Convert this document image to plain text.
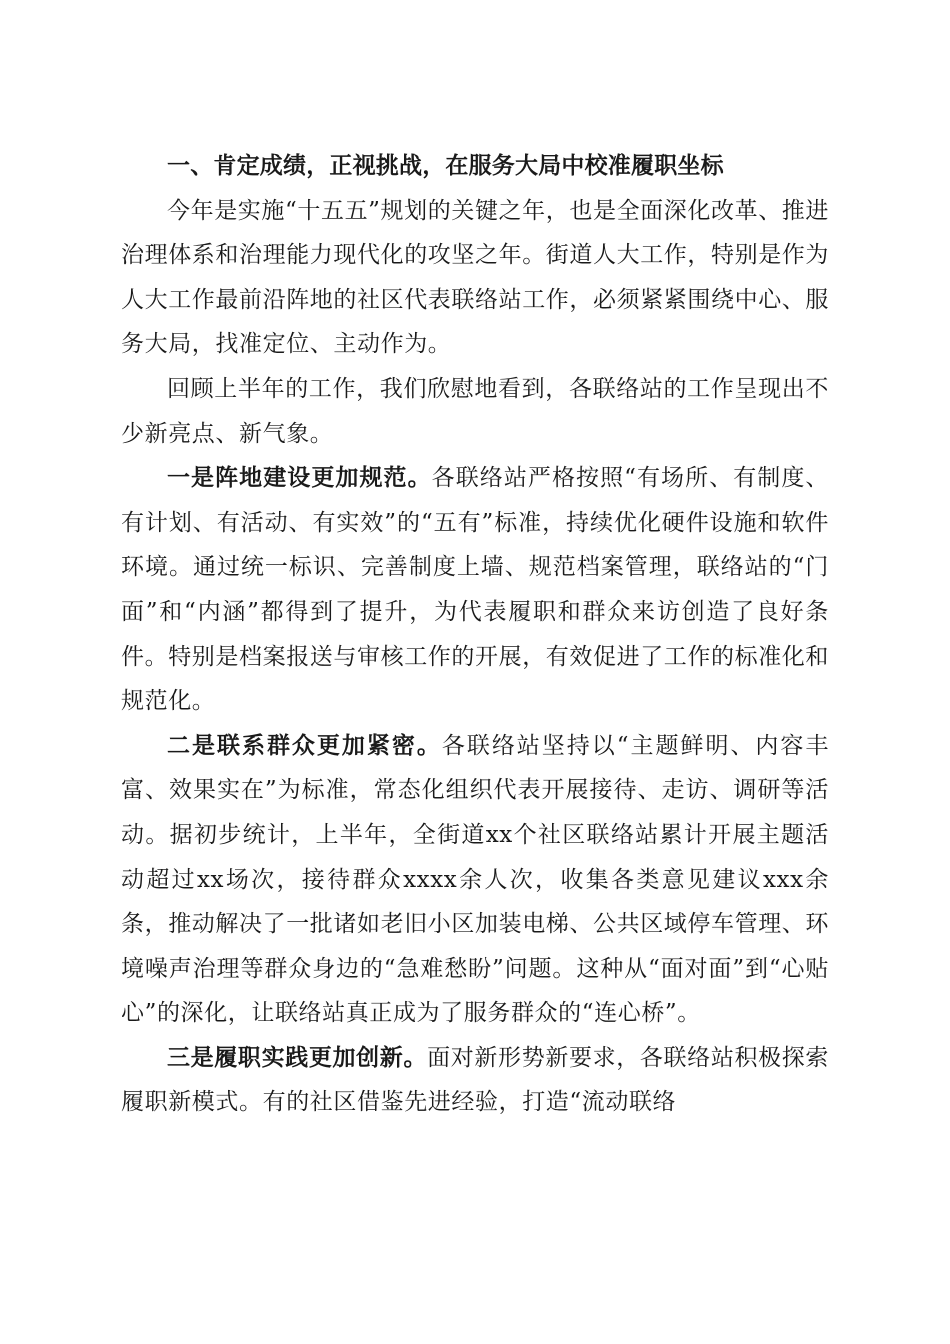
一、肯定成绩，正视挑战，在服务大局中校准履职坐标

今年是实施“十五五”规划的关键之年，也是全面深化改革、推进治理体系和治理能力现代化的攻坚之年。街道人大工作，特别是作为人大工作最前沿阵地的社区代表联络站工作，必须紧紧围绕中心、服务大局，找准定位、主动作为。

回顾上半年的工作，我们欣慰地看到，各联络站的工作呈现出不少新亮点、新气象。

一是阵地建设更加规范。各联络站严格按照“有场所、有制度、有计划、有活动、有实效”的“五有”标准，持续优化硬件设施和软件环境。通过统一标识、完善制度上墙、规范档案管理，联络站的“门面”和“内涵”都得到了提升，为代表履职和群众来访创造了良好条件。特别是档案报送与审核工作的开展，有效促进了工作的标准化和规范化。

二是联系群众更加紧密。各联络站坚持以“主题鲜明、内容丰富、效果实在”为标准，常态化组织代表开展接待、走访、调研等活动。据初步统计，上半年，全街道xx个社区联络站累计开展主题活动超过xx场次，接待群众xxxx余人次，收集各类意见建议xxx余条，推动解决了一批诸如老旧小区加装电梯、公共区域停车管理、环境噪声治理等群众身边的“急难愁盼”问题。这种从“面对面”到“心贴心”的深化，让联络站真正成为了服务群众的“连心桥”。

三是履职实践更加创新。面对新形势新要求，各联络站积极探索履职新模式。有的社区借鉴先进经验，打造“流动联络
